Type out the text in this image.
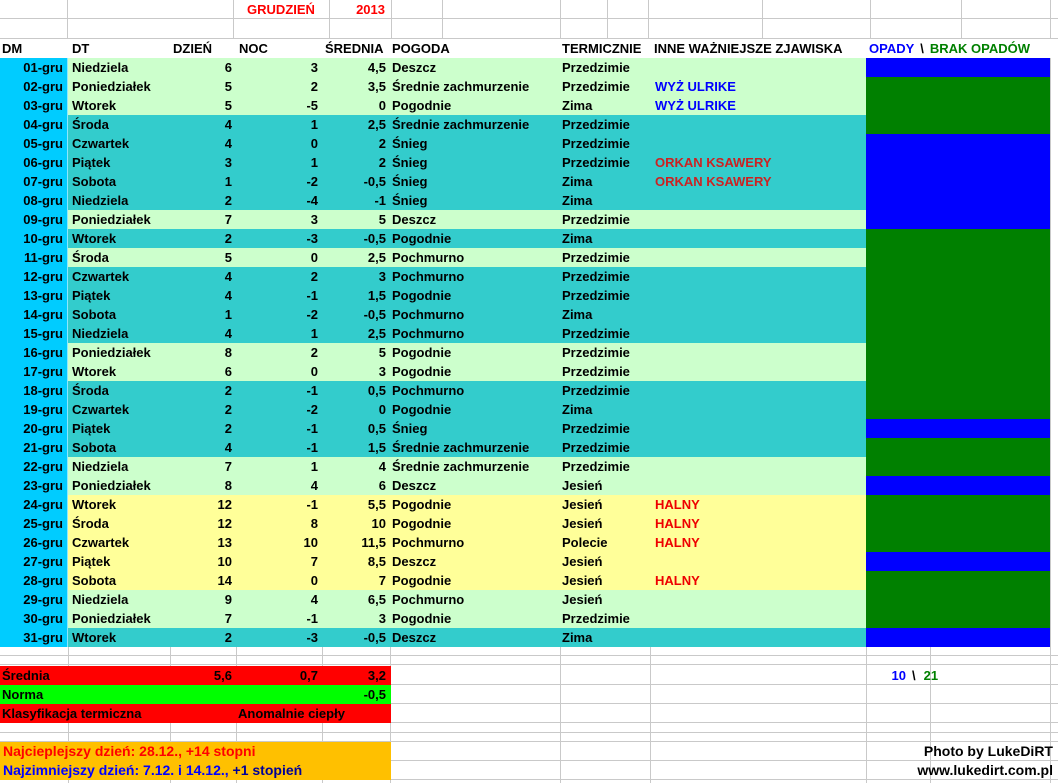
GRUDZIEŃ	2013
DM	DT	DZIEŃ	NOC	ŚREDNIA POGODA	TERMICZNIE INNE WAŻNIEJSZE ZJAWISKA	OPADY \ BRAK OPADÓW
01-gru Niedziela	6	3	4,5 Deszcz	Przedzimie
02-gru Poniedziałek	5	2	3,5 Średnie zachmurzenie	Przedzimie	WYŻ ULRIKE
03-gru Wtorek	5	-5	0 Pogodnie	Zima	WYŻ ULRIKE
04-gru Środa	4	1	2,5 Średnie zachmurzenie	Przedzimie
05-gru Czwartek	4	0	2 Śnieg	Przedzimie
06-gru Piątek	3	1	2 Śnieg	Przedzimie	ORKAN KSAWERY
07-gru Sobota	1	-2	-0,5 Śnieg	Zima	ORKAN KSAWERY
08-gru Niedziela	2	-4	-1 Śnieg	Zima
09-gru Poniedziałek	7	3	5 Deszcz	Przedzimie
10-gru Wtorek	2	-3	-0,5 Pogodnie	Zima
11-gru Środa	5	0	2,5 Pochmurno	Przedzimie
12-gru Czwartek	4	2	3 Pochmurno	Przedzimie
13-gru Piątek	4	-1	1,5 Pogodnie	Przedzimie
14-gru Sobota	1	-2	-0,5 Pochmurno	Zima
15-gru Niedziela	4	1	2,5 Pochmurno	Przedzimie
16-gru Poniedziałek	8	2	5 Pogodnie	Przedzimie
17-gru Wtorek	6	0	3 Pogodnie	Przedzimie
18-gru Środa	2	-1	0,5 Pochmurno	Przedzimie
19-gru Czwartek	2	-2	0 Pogodnie	Zima
20-gru Piątek	2	-1	0,5 Śnieg	Przedzimie
21-gru Sobota	4	-1	1,5 Średnie zachmurzenie	Przedzimie
22-gru Niedziela	7	1	4 Średnie zachmurzenie	Przedzimie
23-gru Poniedziałek	8	4	6 Deszcz	Jesień
24-gru Wtorek	12	-1	5,5 Pogodnie	Jesień	HALNY
25-gru Środa	12	8	10 Pogodnie	Jesień	HALNY
26-gru Czwartek	13	10	11,5 Pochmurno	Polecie	HALNY
27-gru Piątek	10	7	8,5 Deszcz	Jesień
28-gru Sobota	14	0	7 Pogodnie	Jesień	HALNY
29-gru Niedziela	9	4	6,5 Pochmurno	Jesień
30-gru Poniedziałek	7	-1	3 Pogodnie	Przedzimie
31-gru Wtorek	2	-3	-0,5 Deszcz	Zima
Średnia	5,6	0,7	3,2
Norma	-0,5
Klasyfikacja termiczna	Anomalnie ciepły
10 \ 21
Najcieplejszy dzień: 28.12., +14 stopni
Najzimniejszy dzień: 7.12. i 14.12., +1 stopień
Photo by LukeDiRT
www.lukedirt.com.pl
